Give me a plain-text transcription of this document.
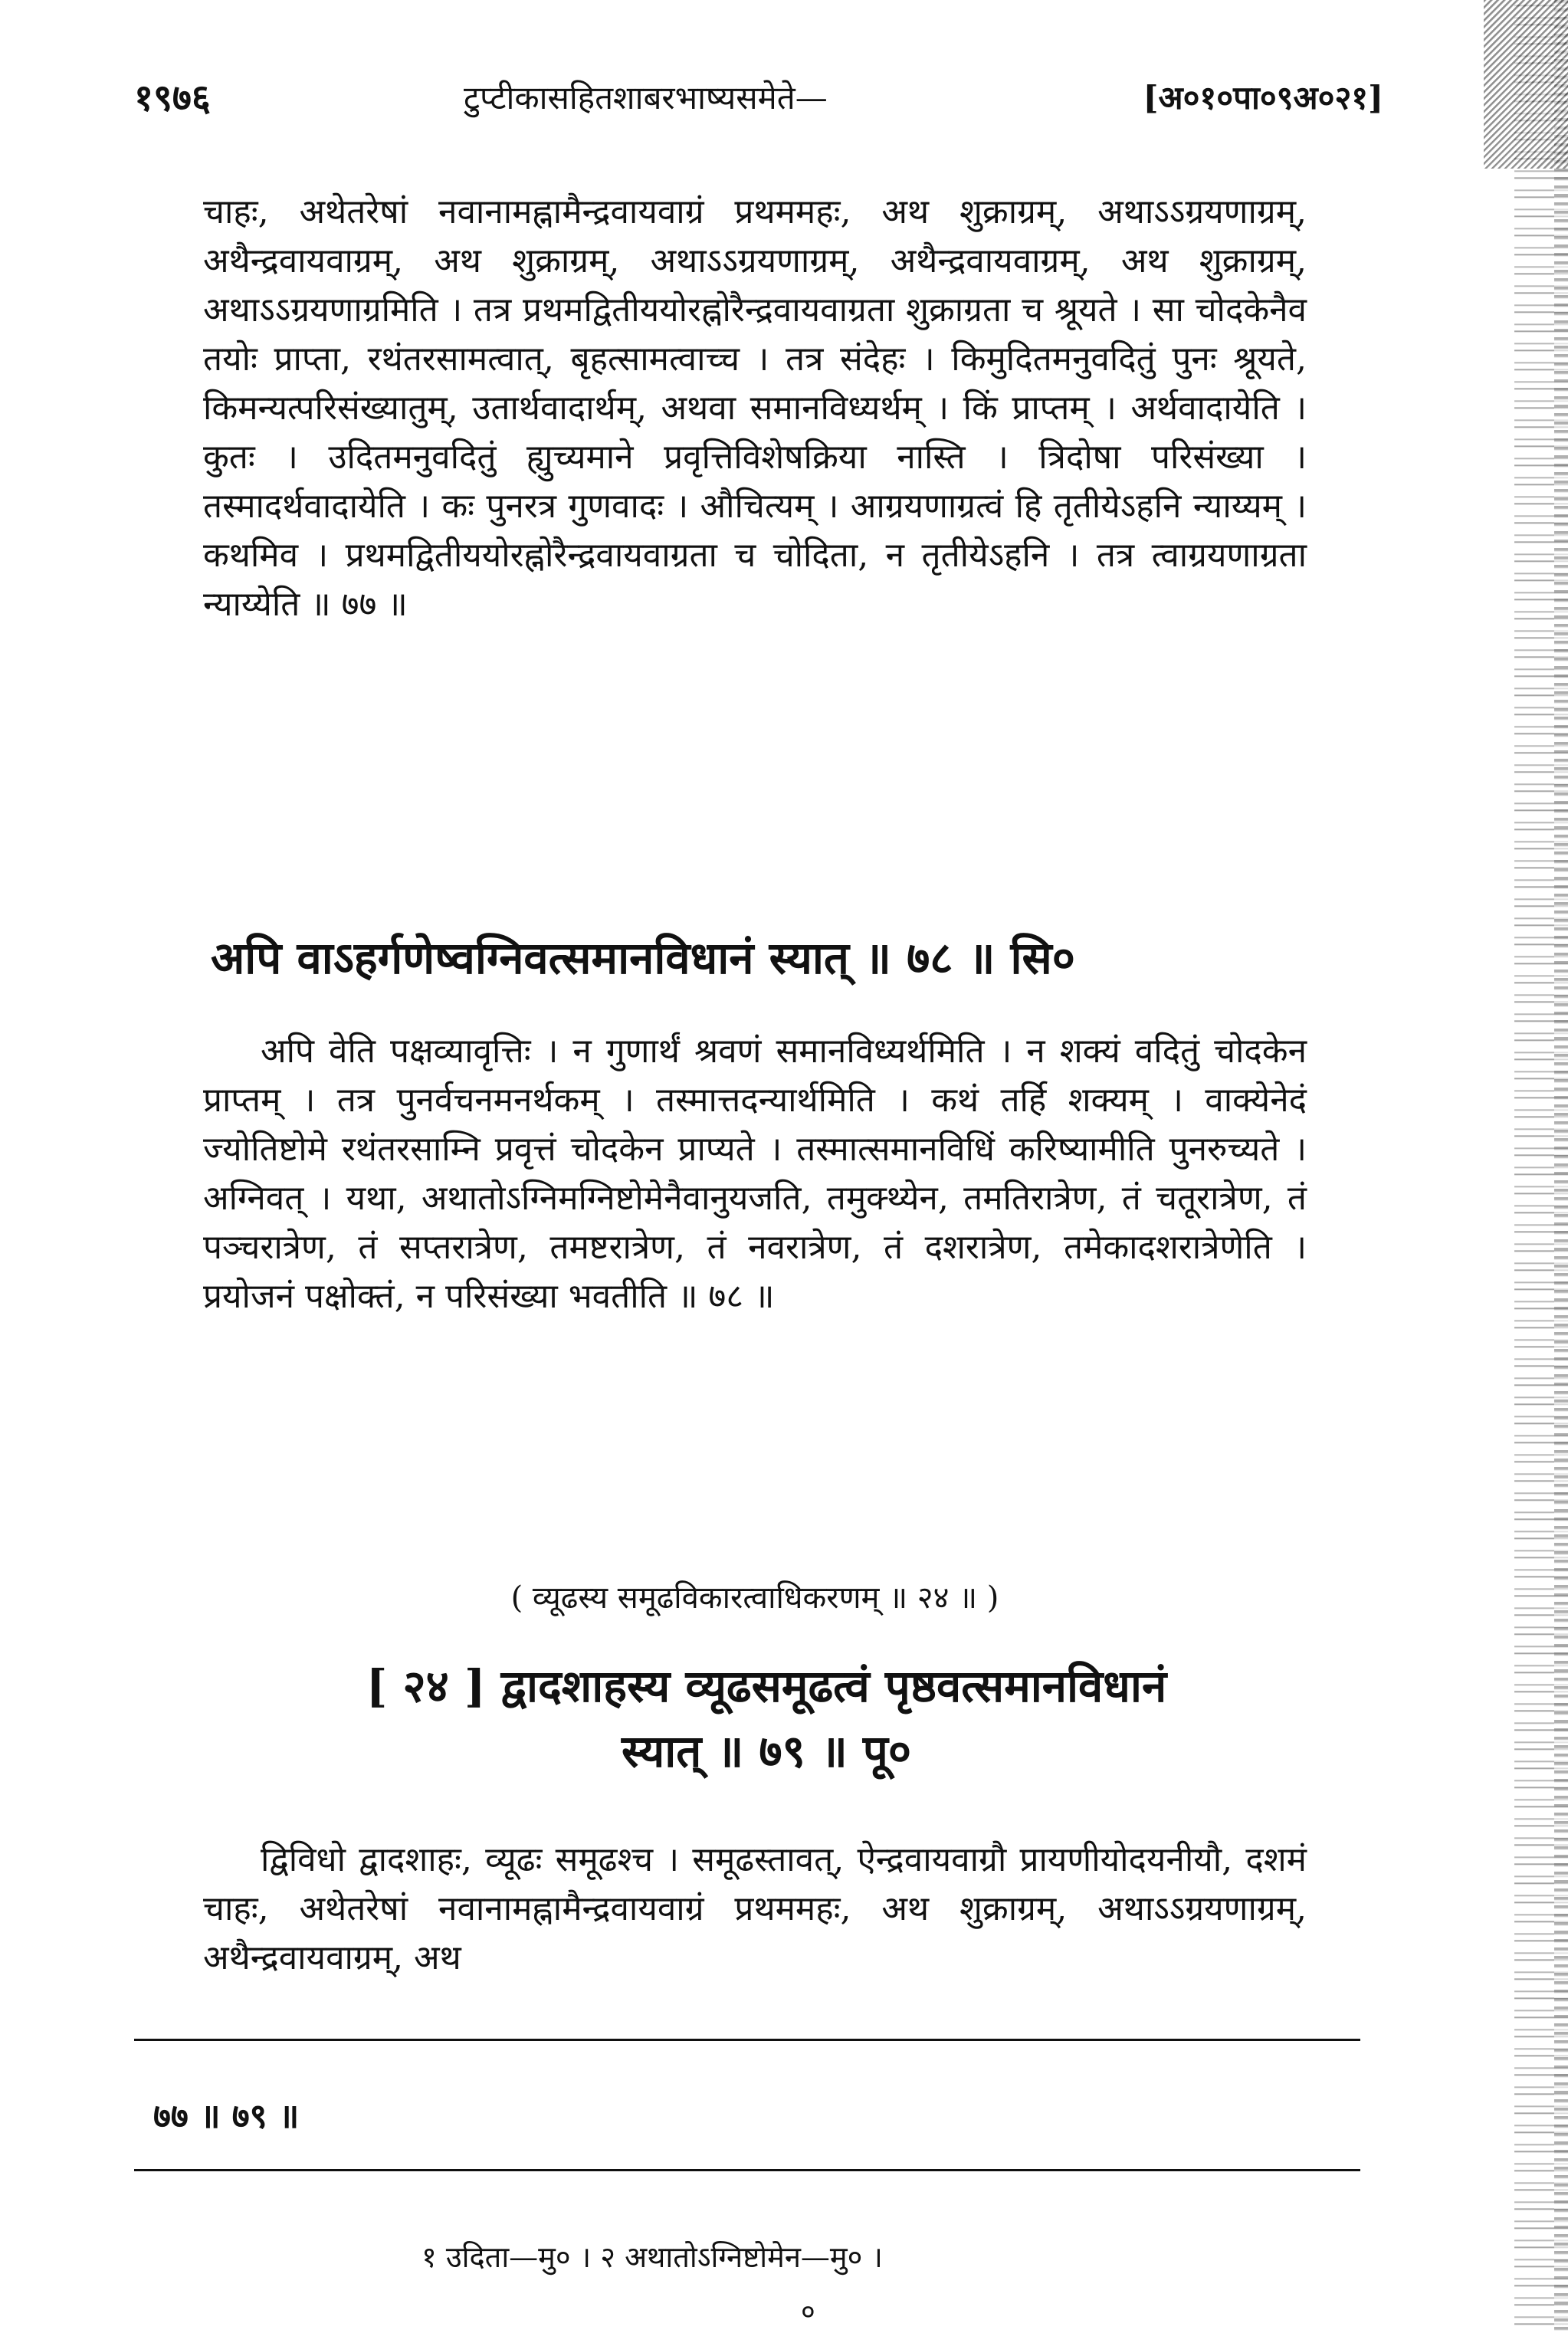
१९७६	टुप्टीकासहितशाबरभाष्यसमेते—	[अ०१०पा०९अ०२१]

चाहः, अथेतरेषां नवानामह्नामैन्द्रवायवाग्रं प्रथममहः, अथ शुक्राग्रम्, अथाऽऽग्रयणाग्रम्, अथैन्द्रवायवाग्रम्, अथ शुक्राग्रम्, अथाऽऽग्रयणाग्रम्, अथैन्द्रवायवाग्रम्, अथ शुक्राग्रम्, अथाऽऽग्रयणाग्रमिति । तत्र प्रथमद्वितीययोरह्नोरैन्द्रवायवाग्रता शुक्राग्रता च श्रूयते । सा चोदकेनैव तयोः प्राप्ता, रथंतरसामत्वात्, बृहत्सामत्वाच्च । तत्र संदेहः । किमुदितमनुवदितुं पुनः श्रूयते, किमन्यत्परिसंख्यातुम्, उतार्थवादार्थम्, अथवा समानविध्यर्थम् । किं प्राप्तम् । अर्थवादायेति । कुतः । उदितमनुवदितुं ह्युच्यमाने प्रवृत्तिविशेषक्रिया नास्ति । त्रिदोषा परिसंख्या । तस्मादर्थवादायेति । कः पुनरत्र गुणवादः । औचित्यम् । आग्रयणाग्रत्वं हि तृतीयेऽहनि न्याय्यम् । कथमिव । प्रथमद्वितीययोरह्नोरैन्द्रवायवाग्रता च चोदिता, न तृतीयेऽहनि । तत्र त्वाग्रयणाग्रता न्याय्येति ॥ ७७ ॥

अपि वाऽहर्गणेष्वग्निवत्समानविधानं स्यात् ॥ ७८ ॥ सि०

अपि वेति पक्षव्यावृत्तिः । न गुणार्थं श्रवणं समानविध्यर्थमिति । न शक्यं वदितुं चोदकेन प्राप्तम् । तत्र पुनर्वचनमनर्थकम् । तस्मात्तदन्यार्थमिति । कथं तर्हि शक्यम् । वाक्येनेदं ज्योतिष्टोमे रथंतरसाम्नि प्रवृत्तं चोदकेन प्राप्यते । तस्मात्समानविधिं करिष्यामीति पुनरुच्यते । अग्निवत् । यथा, अथातोऽग्निमग्निष्टोमेनैवानुयजति, तमुक्थ्येन, तमतिरात्रेण, तं चतूरात्रेण, तं पञ्चरात्रेण, तं सप्तरात्रेण, तमष्टरात्रेण, तं नवरात्रेण, तं दशरात्रेण, तमेकादशरात्रेणेति । प्रयोजनं पक्षोक्तं, न परिसंख्या भवतीति ॥ ७८ ॥

( व्यूढस्य समूढविकारत्वाधिकरणम् ॥ २४ ॥ )
[ २४ ] द्वादशाहस्य व्यूढसमूढत्वं पृष्ठवत्समानविधानं
स्यात् ॥ ७९ ॥ पू०

द्विविधो द्वादशाहः, व्यूढः समूढश्च । समूढस्तावत्, ऐन्द्रवायवाग्रौ प्रायणीयोदयनीयौ, दशमं चाहः, अथेतरेषां नवानामह्नामैन्द्रवायवाग्रं प्रथममहः, अथ शुक्राग्रम्, अथाऽऽग्रयणाग्रम्, अथैन्द्रवायवाग्रम्, अथ

७७ ॥ ७९ ॥
१ उदिता—मु० । २ अथातोऽग्निष्टोमेन—मु० ।
०
